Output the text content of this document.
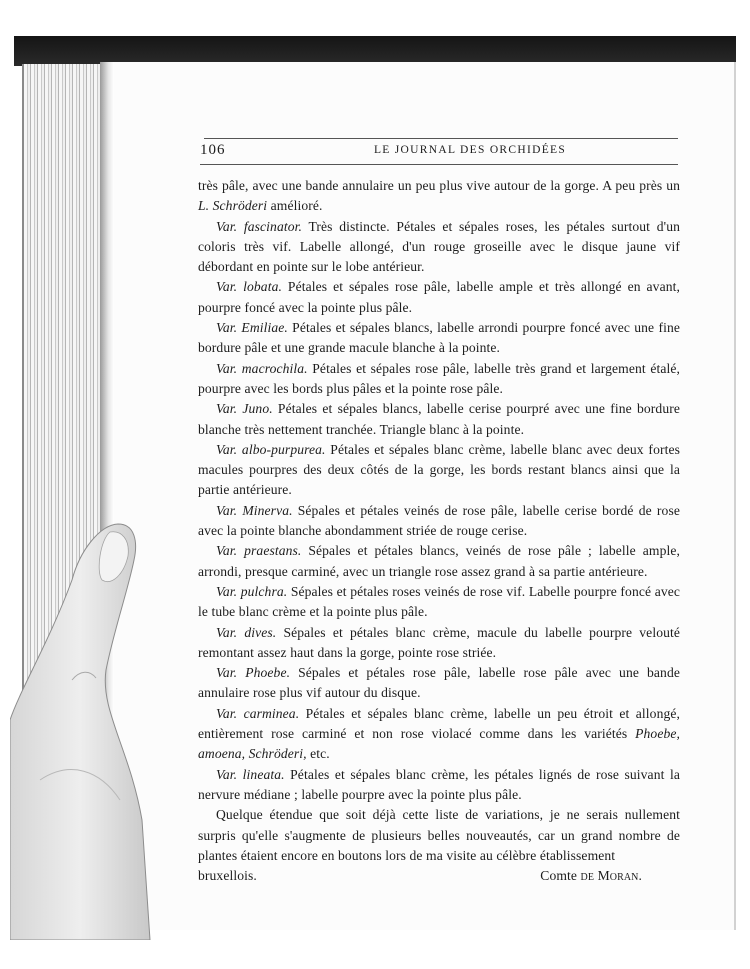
106	LE JOURNAL DES ORCHIDÉES

très pâle, avec une bande annulaire un peu plus vive autour de la gorge. A peu près un L. Schröderi amélioré.

Var. fascinator. Très distincte. Pétales et sépales roses, les pétales surtout d'un coloris très vif. Labelle allongé, d'un rouge groseille avec le disque jaune vif débordant en pointe sur le lobe antérieur.

Var. lobata. Pétales et sépales rose pâle, labelle ample et très allongé en avant, pourpre foncé avec la pointe plus pâle.

Var. Emiliae. Pétales et sépales blancs, labelle arrondi pourpre foncé avec une fine bordure pâle et une grande macule blanche à la pointe.

Var. macrochila. Pétales et sépales rose pâle, labelle très grand et largement étalé, pourpre avec les bords plus pâles et la pointe rose pâle.

Var. Juno. Pétales et sépales blancs, labelle cerise pourpré avec une fine bordure blanche très nettement tranchée. Triangle blanc à la pointe.

Var. albo-purpurea. Pétales et sépales blanc crème, labelle blanc avec deux fortes macules pourpres des deux côtés de la gorge, les bords restant blancs ainsi que la partie antérieure.

Var. Minerva. Sépales et pétales veinés de rose pâle, labelle cerise bordé de rose avec la pointe blanche abondamment striée de rouge cerise.

Var. praestans. Sépales et pétales blancs, veinés de rose pâle ; labelle ample, arrondi, presque carminé, avec un triangle rose assez grand à sa partie antérieure.

Var. pulchra. Sépales et pétales roses veinés de rose vif. Labelle pourpre foncé avec le tube blanc crème et la pointe plus pâle.

Var. dives. Sépales et pétales blanc crème, macule du labelle pourpre velouté remontant assez haut dans la gorge, pointe rose striée.

Var. Phoebe. Sépales et pétales rose pâle, labelle rose pâle avec une bande annulaire rose plus vif autour du disque.

Var. carminea. Pétales et sépales blanc crème, labelle un peu étroit et allongé, entièrement rose carminé et non rose violacé comme dans les variétés Phoebe, amoena, Schröderi, etc.

Var. lineata. Pétales et sépales blanc crème, les pétales lignés de rose suivant la nervure médiane ; labelle pourpre avec la pointe plus pâle.

Quelque étendue que soit déjà cette liste de variations, je ne serais nullement surpris qu'elle s'augmente de plusieurs belles nouveautés, car un grand nombre de plantes étaient encore en boutons lors de ma visite au célèbre établissement

bruxellois.	Comte de Moran.
